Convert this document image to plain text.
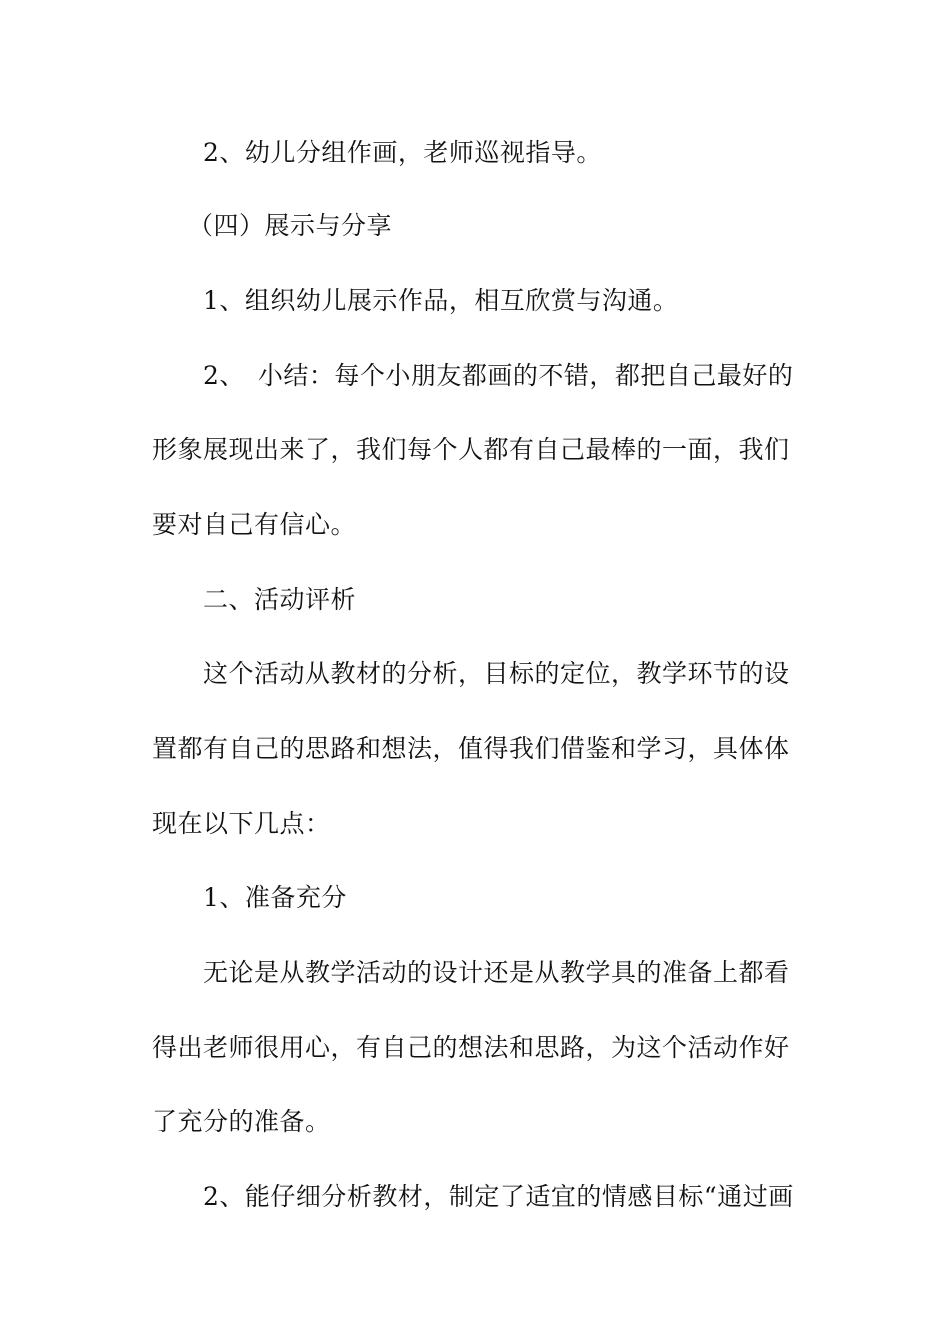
2、幼儿分组作画，老师巡视指导。
（四）展示与分享
1、组织幼儿展示作品，相互欣赏与沟通。
2、　小结：每个小朋友都画的不错，都把自己最好的
形象展现出来了，我们每个人都有自己最棒的一面，我们
要对自己有信心。
二、活动评析
这个活动从教材的分析，目标的定位，教学环节的设
置都有自己的思路和想法，值得我们借鉴和学习，具体体
现在以下几点：
1、准备充分
无论是从教学活动的设计还是从教学具的准备上都看
得出老师很用心，有自己的想法和思路，为这个活动作好
了充分的准备。
2、能仔细分析教材，制定了适宜的情感目标“通过画
